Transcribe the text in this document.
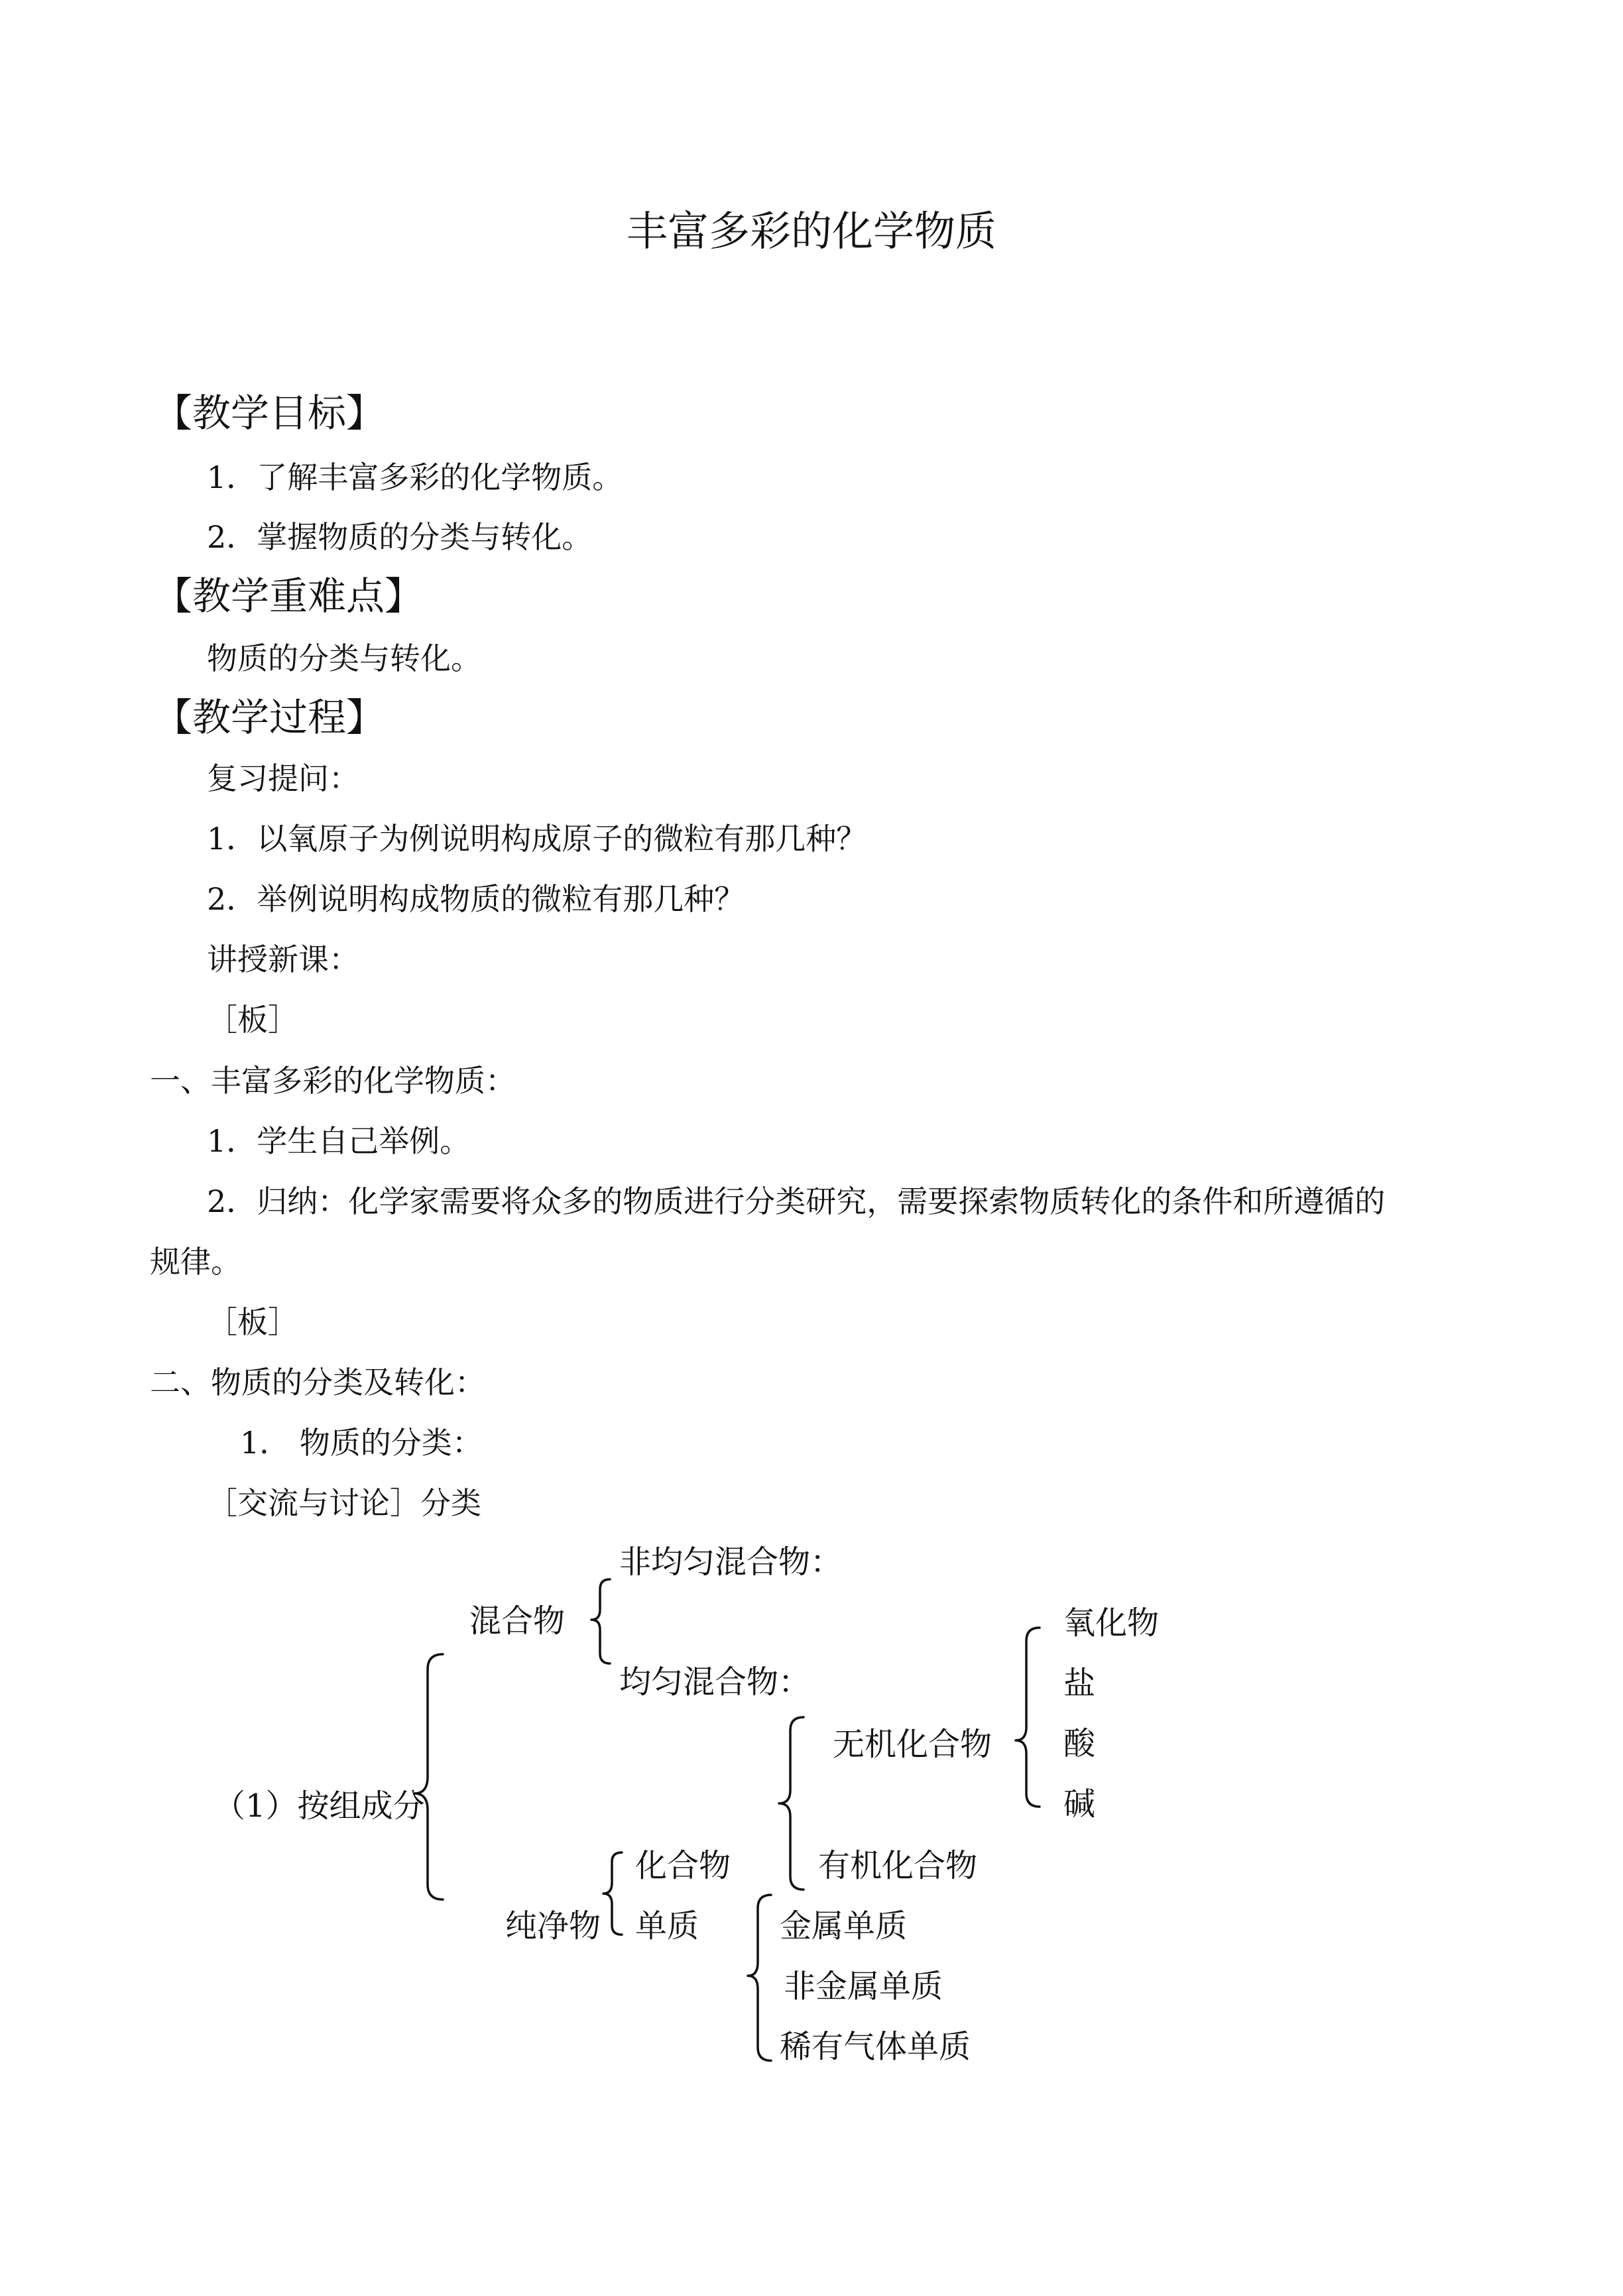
丰富多彩的化学物质
【教学目标】
1．了解丰富多彩的化学物质。
2．掌握物质的分类与转化。
【教学重难点】
物质的分类与转化。
【教学过程】
复习提问：
1．以氧原子为例说明构成原子的微粒有那几种？
2．举例说明构成物质的微粒有那几种？
讲授新课：
［板］
一、丰富多彩的化学物质：
1．学生自己举例。
2．归纳：化学家需要将众多的物质进行分类研究，需要探索物质转化的条件和所遵循的
规律。
［板］
二、物质的分类及转化：
1． 物质的分类：
［交流与讨论］分类
（1）按组成分
混合物
非均匀混合物：
均匀混合物：
纯净物
化合物
单质
无机化合物
有机化合物
氧化物
盐
酸
碱
金属单质
非金属单质
稀有气体单质
